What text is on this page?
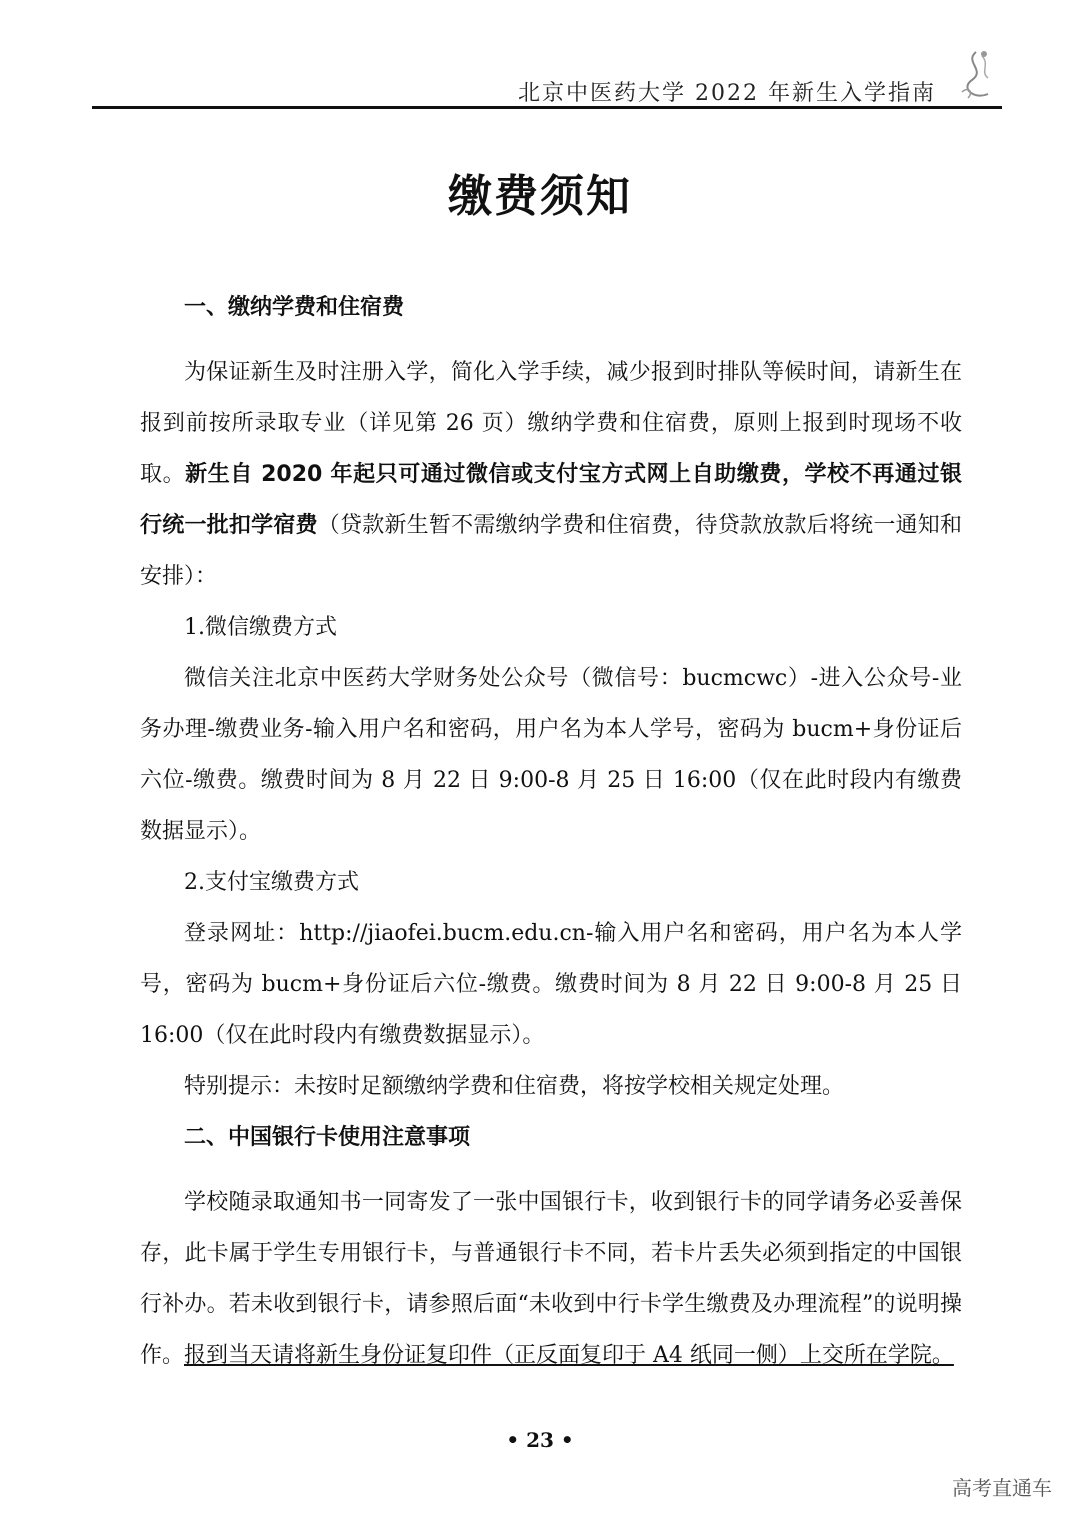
北京中医药大学 2022 年新生入学指南
缴费须知

一、缴纳学费和住宿费

为保证新生及时注册入学，简化入学手续，减少报到时排队等候时间，请新生在报到前按所录取专业（详见第 26 页）缴纳学费和住宿费，原则上报到时现场不收取。新生自 2020 年起只可通过微信或支付宝方式网上自助缴费，学校不再通过银行统一批扣学宿费（贷款新生暂不需缴纳学费和住宿费，待贷款放款后将统一通知和安排）：

1.微信缴费方式

微信关注北京中医药大学财务处公众号（微信号：bucmcwc）-进入公众号-业务办理-缴费业务-输入用户名和密码，用户名为本人学号，密码为 bucm+身份证后六位-缴费。缴费时间为 8 月 22 日 9:00-8 月 25 日 16:00（仅在此时段内有缴费数据显示）。

2.支付宝缴费方式

登录网址：http://jiaofei.bucm.edu.cn-输入用户名和密码，用户名为本人学号，密码为 bucm+身份证后六位-缴费。缴费时间为 8 月 22 日 9:00-8 月 25 日 16:00（仅在此时段内有缴费数据显示）。

特别提示：未按时足额缴纳学费和住宿费，将按学校相关规定处理。

二、中国银行卡使用注意事项

学校随录取通知书一同寄发了一张中国银行卡，收到银行卡的同学请务必妥善保存，此卡属于学生专用银行卡，与普通银行卡不同，若卡片丢失必须到指定的中国银行补办。若未收到银行卡，请参照后面“未收到中行卡学生缴费及办理流程”的说明操作。报到当天请将新生身份证复印件（正反面复印于 A4 纸同一侧）上交所在学院。

• 23 •
高考直通车
